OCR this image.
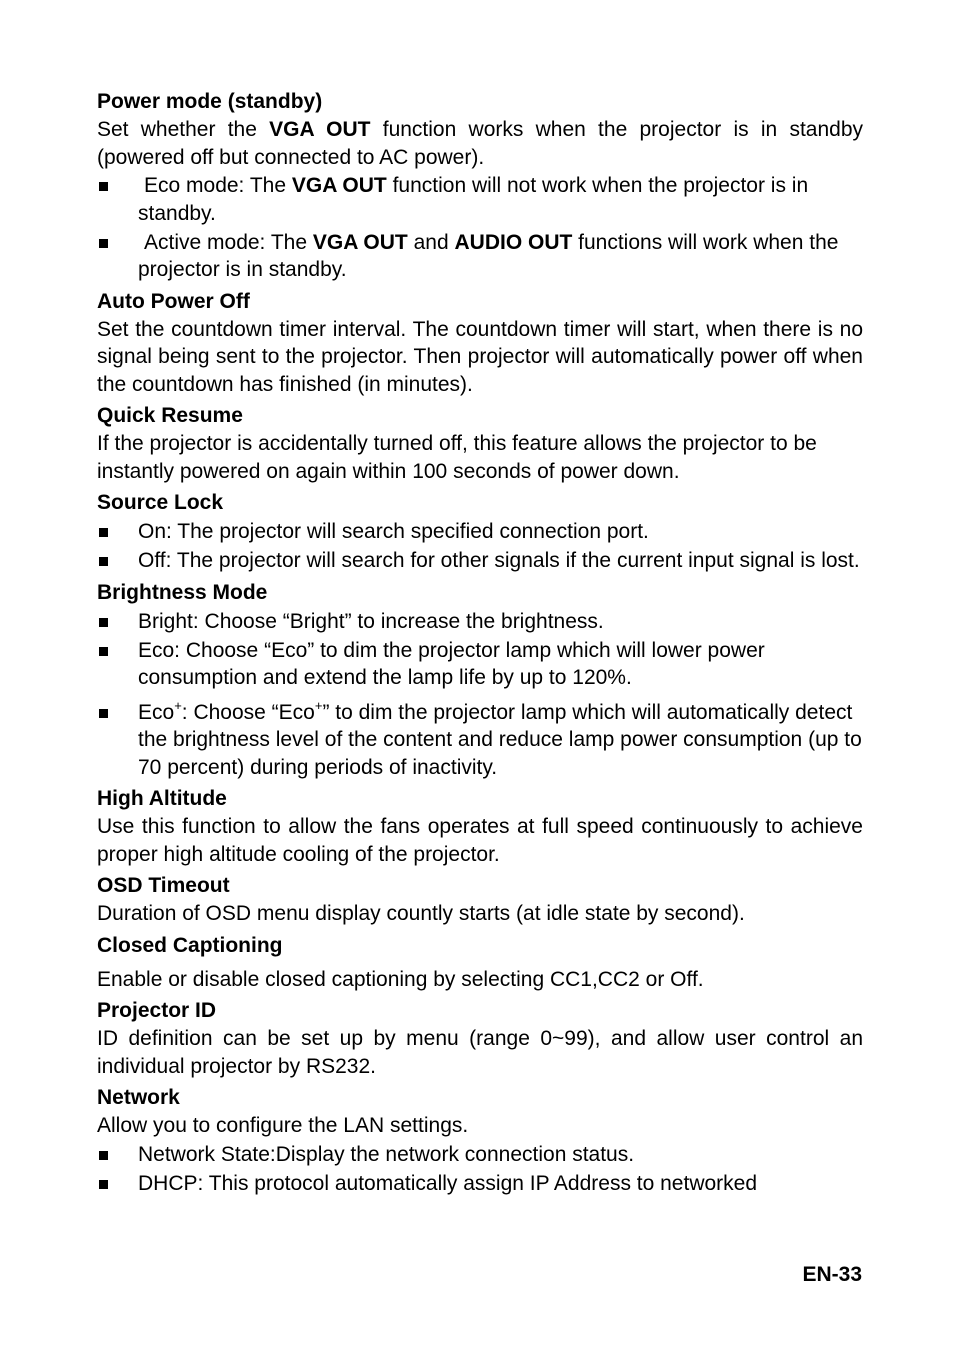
Power mode (standby)

Set whether the VGA OUT function works when the projector is in standby (powered off but connected to AC power).

Eco mode: The VGA OUT function will not work when the projector is in standby.
Active mode: The VGA OUT and AUDIO OUT functions will work when the projector is in standby.

Auto Power Off

Set the countdown timer interval. The countdown timer will start, when there is no signal being sent to the projector. Then projector will automatically power off when the countdown has finished (in minutes).

Quick Resume

If the projector is accidentally turned off, this feature allows the projector to be instantly powered on again within 100 seconds of power down.

Source Lock

On: The projector will search specified connection port.
Off: The projector will search for other signals if the current input signal is lost.

Brightness Mode

Bright: Choose “Bright” to increase the brightness.
Eco: Choose “Eco” to dim the projector lamp which will lower power consumption and extend the lamp life by up to 120%.
Eco+: Choose “Eco+” to dim the projector lamp which will automatically detect the brightness level of the content and reduce lamp power consumption (up to 70 percent) during periods of inactivity.

High Altitude

Use this function to allow the fans operates at full speed continuously to achieve proper high altitude cooling of the projector.

OSD Timeout

Duration of OSD menu display countly starts (at idle state by second).

Closed Captioning

Enable or disable closed captioning by selecting CC1,CC2 or Off.

Projector ID

ID definition can be set up by menu (range 0~99), and allow user control an individual projector by RS232.

Network

Allow you to configure the LAN settings.

Network State:Display the network connection status.
DHCP: This protocol automatically assign IP Address to networked
EN-33
